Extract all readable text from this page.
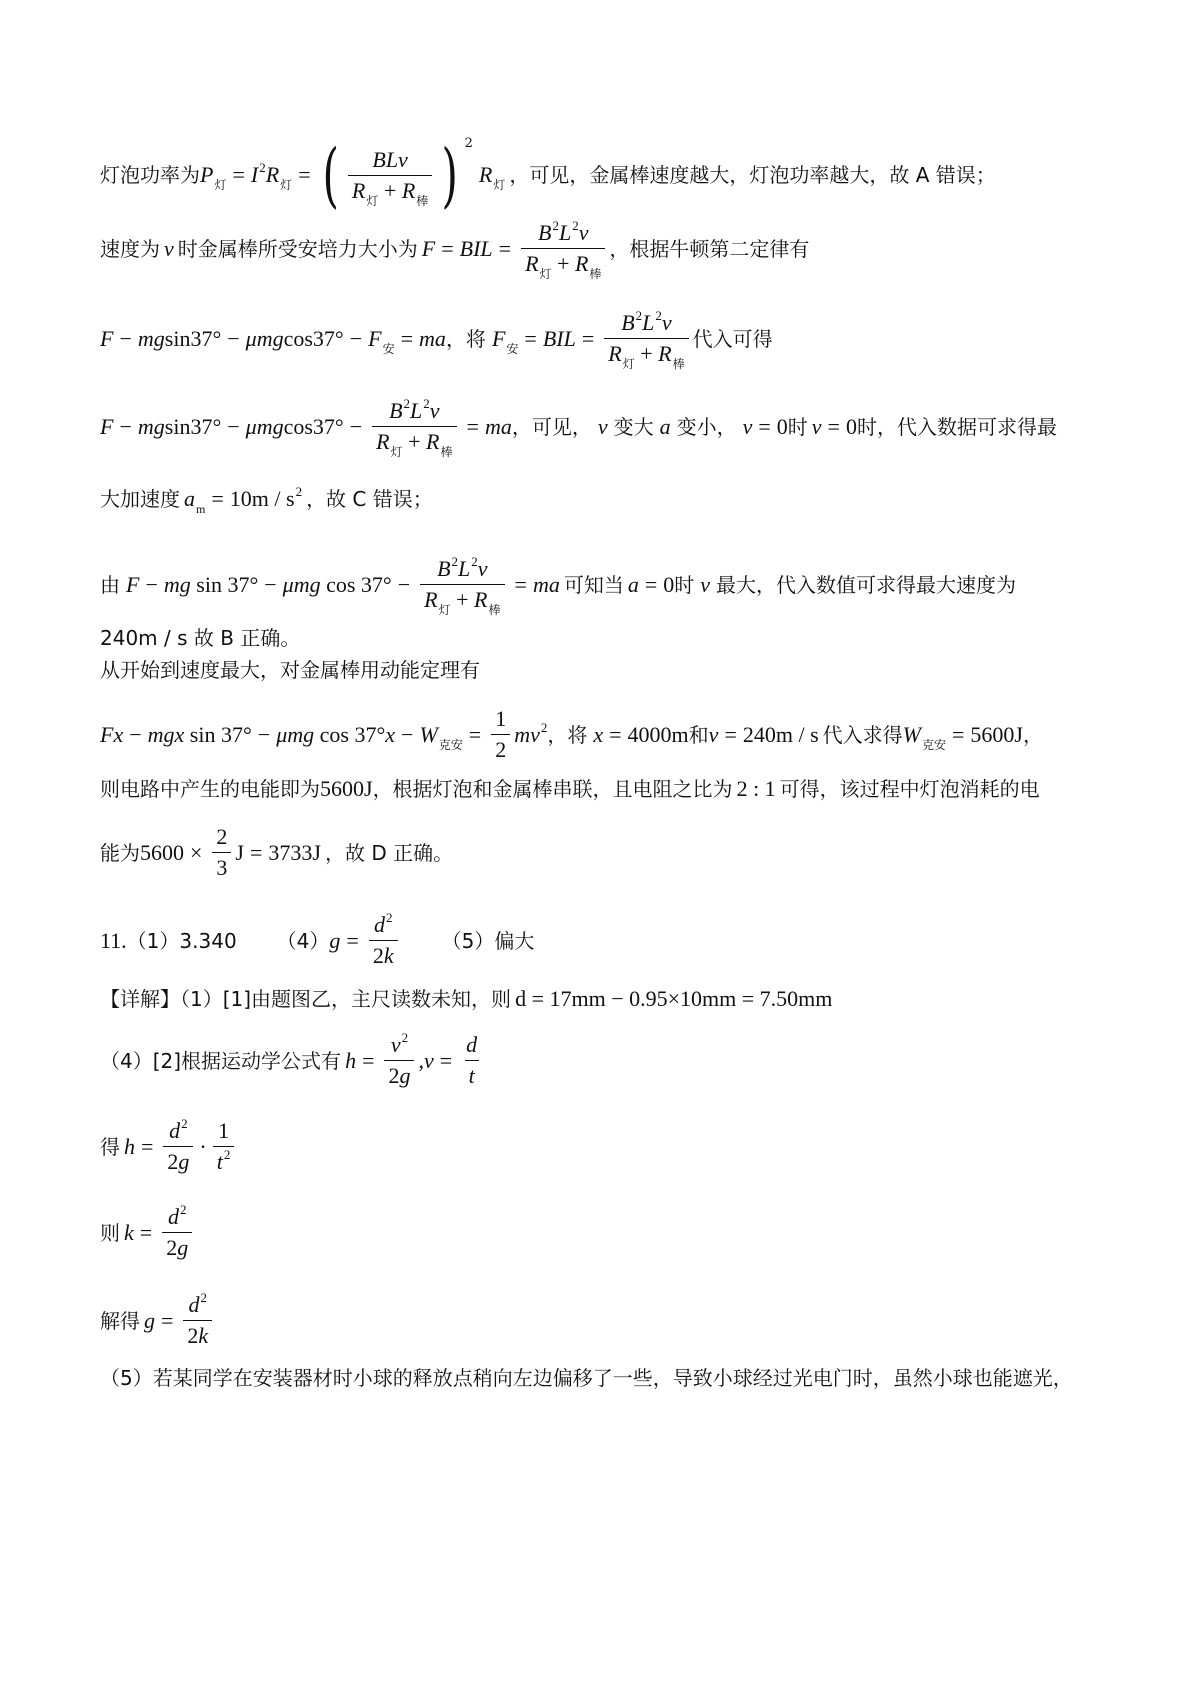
灯泡功率为 $P_灯 = I^2R_灯$ = ( $\frac{\text{BLv}}{R_灯 + R_棒}$ ) 2
$R_灯$ ，可见，金属棒速度越大，灯泡功率越大，故 A 错误；
速度为 v 时金属棒所受安培力大小为 F = BIL = $\frac{B^2L^2v}{R_灯 + R_棒}$ ，根据牛顿第二定律有
F − mg sin37° − μmg $\cos 37^\circ - F_安$ = ma ，将 $F_安$ = BIL = $\frac{B^2L^2v}{R_灯 + R_棒}$ 代入可得
F − mg sin37° − μmg $\cos 37^\circ - \frac{B^2L^2v}{R_灯 + R_棒}$ = ma ，可见， v 变大 a 变小， v = 0 时 v = 0 时，代入数据可求得最
大加速度 $a_m = 10m / s^2$ ，故 C 错误；
由 F − mg sin 37° − μmg $\cos 37^\circ - \frac{B^2L^2v}{R_灯 + R_棒}$ = ma 可知当 a = 0 时 v 最大，代入数值可求得最大速度为
240m / s 故 B 正确。
从开始到速度最大，对金属棒用动能定理有
Fx − mgx sin 37° − μmg cos 37° $x - W_{克安} = \frac{1}{2} mv^2$ ，将 x = 4000m 和 v = 240m / s 代入求得 $W_{克安} = 5600J$ ，
则电路中产生的电能即为 5600J ，根据灯泡和金属棒串联，且电阻之比为 2 : 1 可得，该过程中灯泡消耗的电
能为 $5600 \times \frac{2}{3}$ J = 3733J ，故 D 正确。
11. （1）3.340 （4） $g = \frac{d^2}{2k} (5)$偏大
【详解】（1）[1]由题图乙，主尺读数未知，则 d = 17mm − 0.95×10mm = 7.50mm
（4）[2]根据运动学公式有 $h = \frac{v^2}{2g}$ , $v = \frac{d}{t}$
得 $h = \frac{d^2}{2g} \cdot \frac{1}{t^2}$
则 $k = \frac{d^2}{2g}$
解得 $g = \frac{d^2}{2k}$
（5）若某同学在安装器材时小球的释放点稍向左边偏移了一些，导致小球经过光电门时，虽然小球也能遮光，
